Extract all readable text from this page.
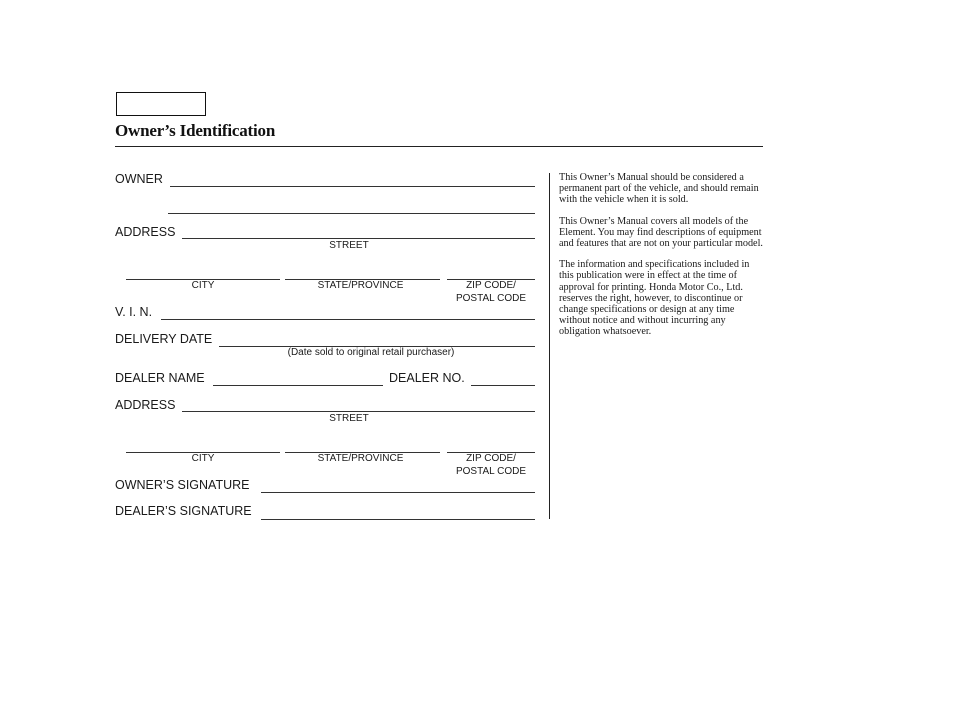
Owner’s Identification
OWNER
ADDRESS
STREET
CITY	STATE/PROVINCE	ZIP CODE/
POSTAL CODE
V. I. N.
DELIVERY DATE
(Date sold to original retail purchaser)
DEALER NAME	DEALER NO.
ADDRESS
STREET
CITY	STATE/PROVINCE	ZIP CODE/
POSTAL CODE
OWNER’S SIGNATURE
DEALER’S SIGNATURE

This Owner’s Manual should be considered a permanent part of the vehicle, and should remain with the vehicle when it is sold.

This Owner’s Manual covers all models of the Element. You may find descriptions of equipment and features that are not on your particular model.

The information and specifications included in this publication were in effect at the time of approval for printing. Honda Motor Co., Ltd. reserves the right, however, to discontinue or change specifications or design at any time without notice and without incurring any obligation whatsoever.
